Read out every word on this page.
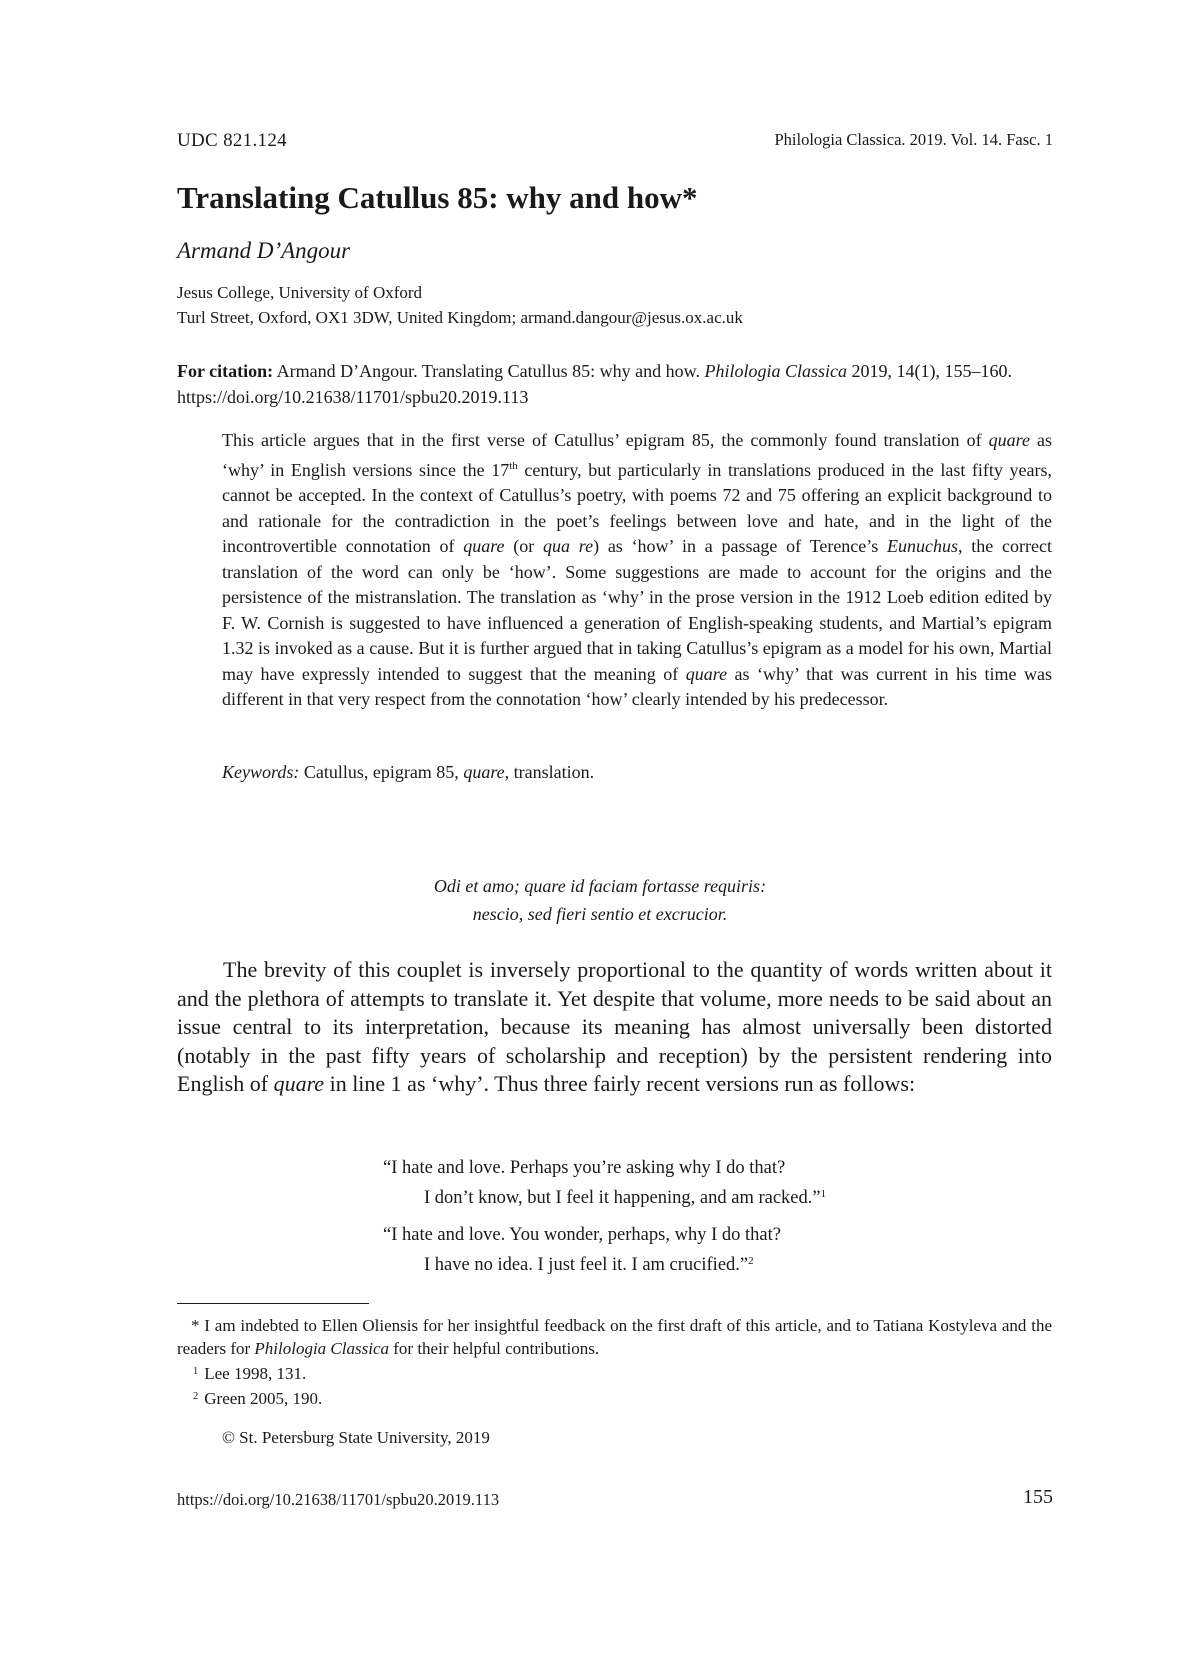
UDC 821.124	Philologia Classica. 2019. Vol. 14. Fasc. 1
Translating Catullus 85: why and how*
Armand D’Angour
Jesus College, University of Oxford
Turl Street, Oxford, OX1 3DW, United Kingdom; armand.dangour@jesus.ox.ac.uk
For citation: Armand D’Angour. Translating Catullus 85: why and how. Philologia Classica 2019, 14(1), 155–160. https://doi.org/10.21638/11701/spbu20.2019.113

This article argues that in the first verse of Catullus’ epigram 85, the commonly found translation of quare as ‘why’ in English versions since the 17th century, but particularly in translations produced in the last fifty years, cannot be accepted. In the context of Catullus’s poetry, with poems 72 and 75 offering an explicit background to and rationale for the contradiction in the poet’s feelings between love and hate, and in the light of the incontrovertible connotation of quare (or qua re) as ‘how’ in a passage of Terence’s Eunuchus, the correct translation of the word can only be ‘how’. Some suggestions are made to account for the origins and the persistence of the mistranslation. The translation as ‘why’ in the prose version in the 1912 Loeb edition edited by F. W. Cornish is suggested to have influenced a generation of English-speaking students, and Martial’s epigram 1.32 is invoked as a cause. But it is further argued that in taking Catullus’s epigram as a model for his own, Martial may have expressly intended to suggest that the meaning of quare as ‘why’ that was current in his time was different in that very respect from the connotation ‘how’ clearly intended by his predecessor.

Keywords: Catullus, epigram 85, quare, translation.
Odi et amo; quare id faciam fortasse requiris:
nescio, sed fieri sentio et excrucior.

The brevity of this couplet is inversely proportional to the quantity of words written about it and the plethora of attempts to translate it. Yet despite that volume, more needs to be said about an issue central to its interpretation, because its meaning has almost universally been distorted (notably in the past fifty years of scholarship and reception) by the persistent rendering into English of quare in line 1 as ‘why’. Thus three fairly recent versions run as follows:

“I hate and love. Perhaps you’re asking why I do that?
I don’t know, but I feel it happening, and am racked.”$^1$
“I hate and love. You wonder, perhaps, why I do that?
I have no idea. I just feel it. I am crucified.”$^2$

* I am indebted to Ellen Oliensis for her insightful feedback on the first draft of this article, and to Tatiana Kostyleva and the readers for Philologia Classica for their helpful contributions.

$^1$ Lee 1998, 131.

$^2$ Green 2005, 190.

© St. Petersburg State University, 2019
https://doi.org/10.21638/11701/spbu20.2019.113	155
